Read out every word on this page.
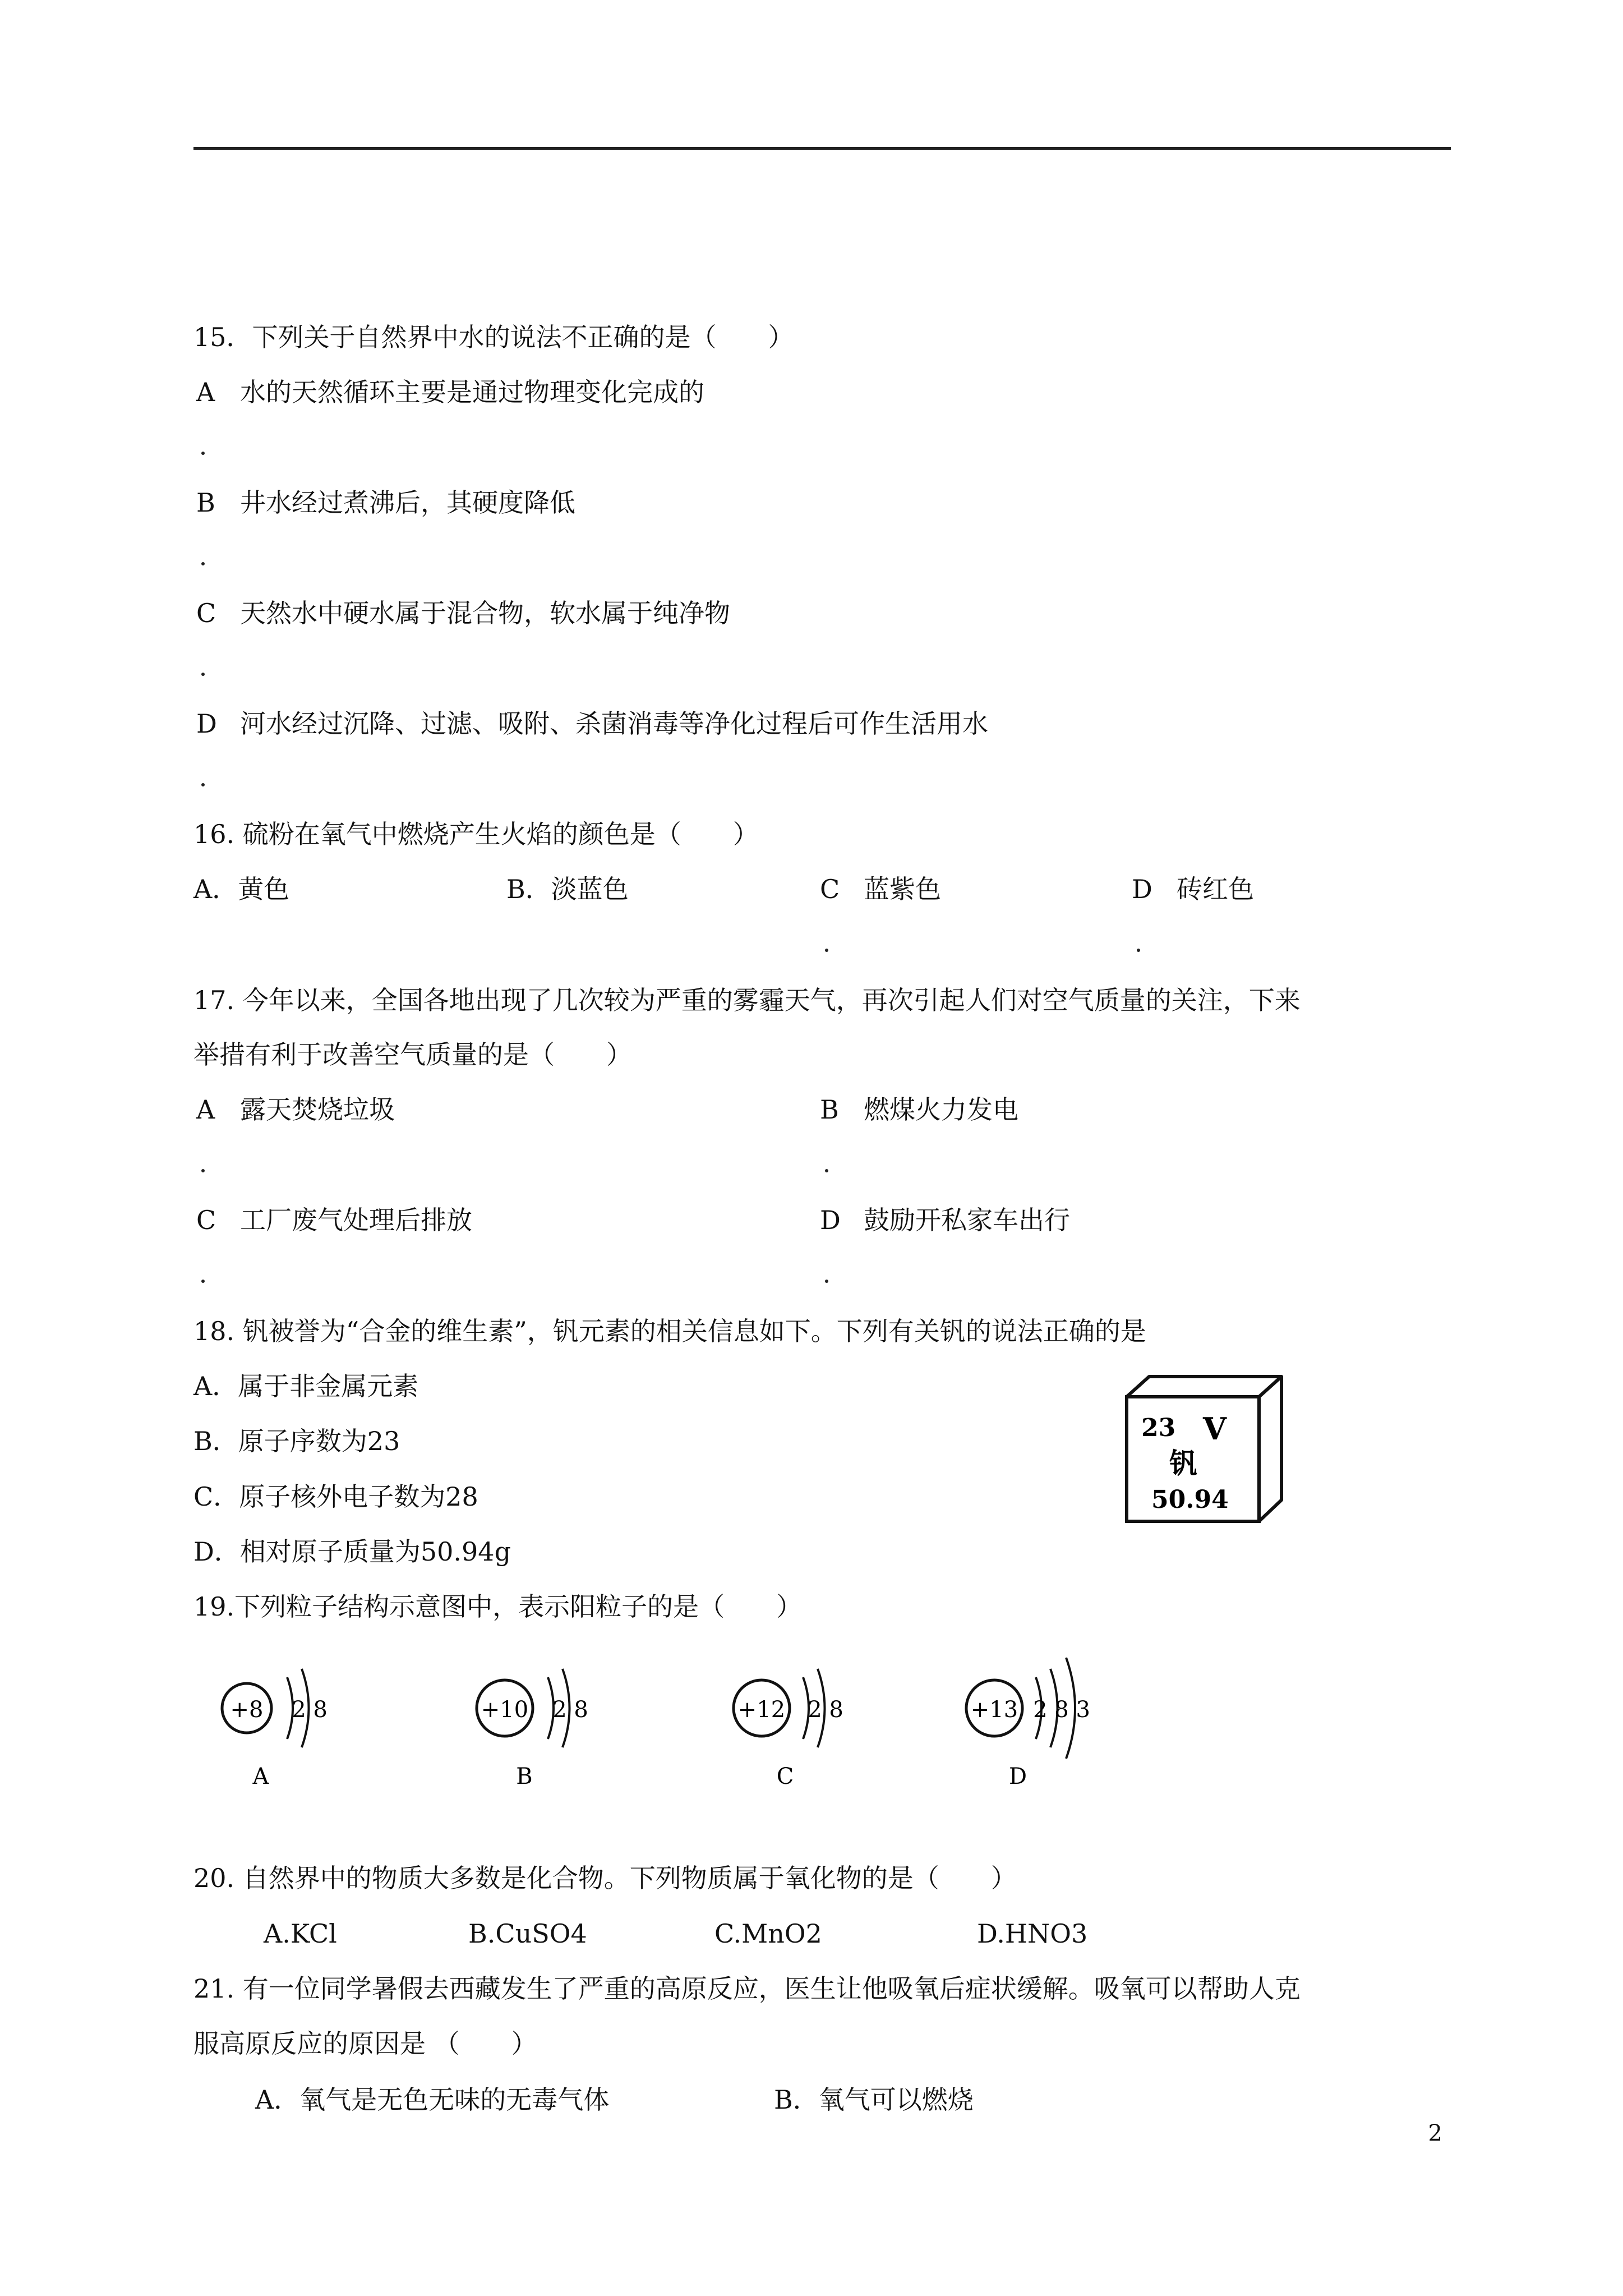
15．下列关于自然界中水的说法不正确的是（　　）
A 水的天然循环主要是通过物理变化完成的
B 井水经过煮沸后，其硬度降低
C 天然水中硬水属于混合物，软水属于纯净物
D 河水经过沉降、过滤、吸附、杀菌消毒等净化过程后可作生活用水
16. 硫粉在氧气中燃烧产生火焰的颜色是（　　）
A．黄色	B．淡蓝色	C 蓝紫色	D 砖红色
17. 今年以来，全国各地出现了几次较为严重的雾霾天气，再次引起人们对空气质量的关注，下来
举措有利于改善空气质量的是（　　）
A 露天焚烧垃圾	B 燃煤火力发电
C 工厂废气处理后排放	D 鼓励开私家车出行
18. 钒被誉为“合金的维生素”，钒元素的相关信息如下。下列有关钒的说法正确的是
A．属于非金属元素
B．原子序数为23
C．原子核外电子数为28
D．相对原子质量为50.94g
23 V
钒
50.94
19.下列粒子结构示意图中，表示阳粒子的是（　　）
+8 2 8
A
+10 2 8
B
+12 2 8
C
+13 2 8 3
D
20. 自然界中的物质大多数是化合物。下列物质属于氧化物的是（　　）
A.KCl	B.CuSO4	C.MnO2	D.HNO3
21. 有一位同学暑假去西藏发生了严重的高原反应，医生让他吸氧后症状缓解。吸氧可以帮助人克
服高原反应的原因是 （　　）
A．氧气是无色无味的无毒气体	B．氧气可以燃烧
2
